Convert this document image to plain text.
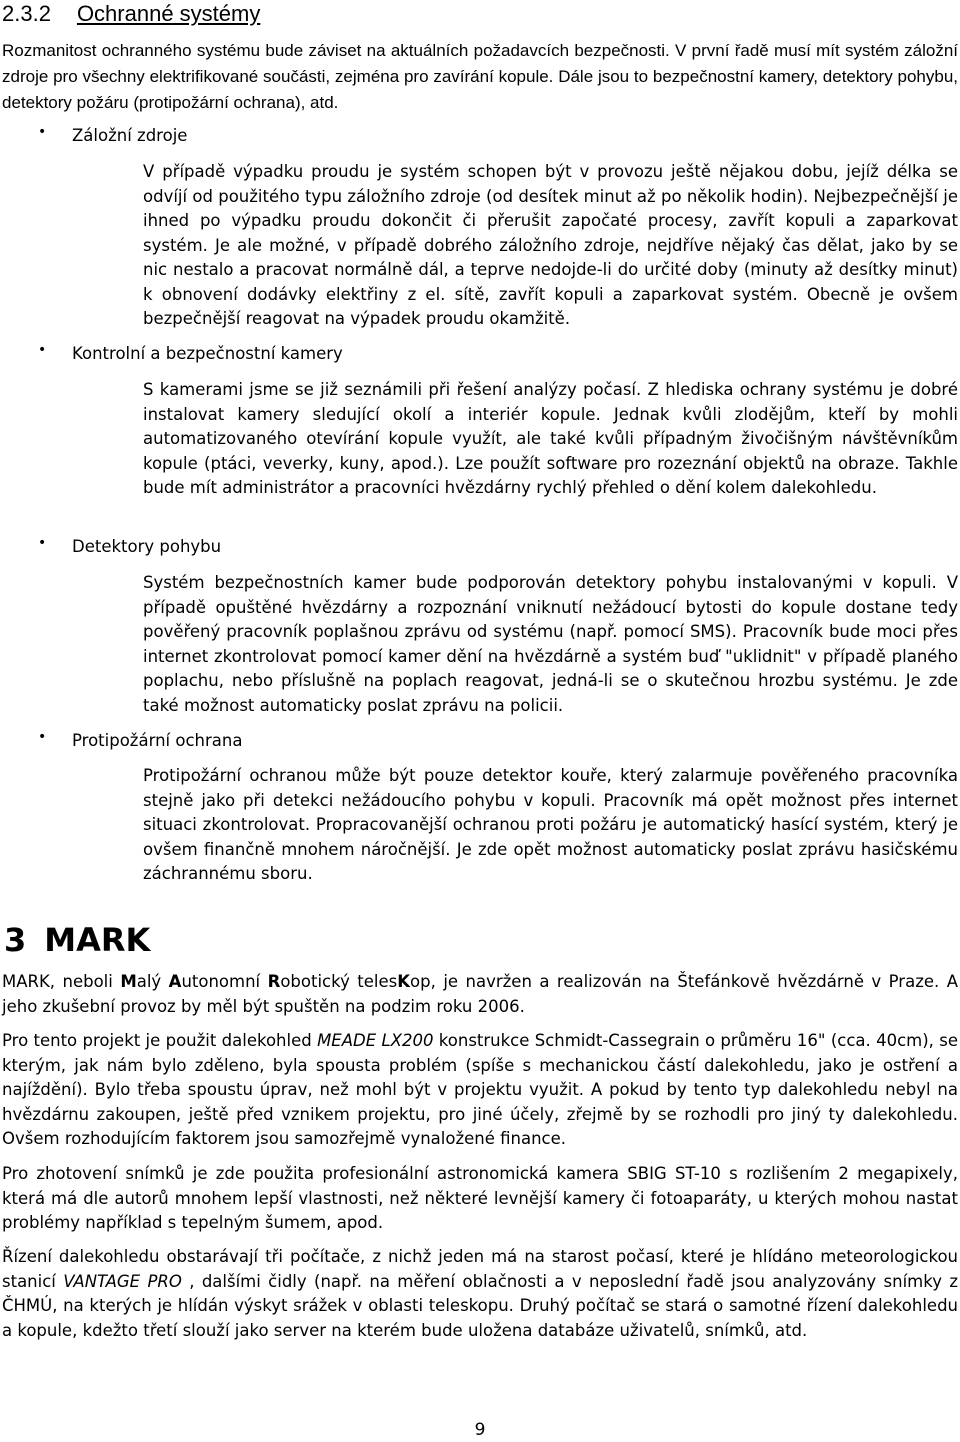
2.3.2 Ochranné systémy
Rozmanitost ochranného systému bude záviset na aktuálních požadavcích bezpečnosti. V první řadě musí mít systém záložní zdroje pro všechny elektrifikované součásti, zejména pro zavírání kopule. Dále jsou to bezpečnostní kamery, detektory pohybu, detektory požáru (protipožární ochrana), atd.
• Záložní zdroje
V případě výpadku proudu je systém schopen být v provozu ještě nějakou dobu, jejíž délka se odvíjí od použitého typu záložního zdroje (od desítek minut až po několik hodin). Nejbezpečnější je ihned po výpadku proudu dokončit či přerušit započaté procesy, zavřít kopuli a zaparkovat systém. Je ale možné, v případě dobrého záložního zdroje, nejdříve nějaký čas dělat, jako by se nic nestalo a pracovat normálně dál, a teprve nedojde-li do určité doby (minuty až desítky minut) k obnovení dodávky elektřiny z el. sítě, zavřít kopuli a zaparkovat systém. Obecně je ovšem bezpečnější reagovat na výpadek proudu okamžitě.
• Kontrolní a bezpečnostní kamery
S kamerami jsme se již seznámili při řešení analýzy počasí. Z hlediska ochrany systému je dobré instalovat kamery sledující okolí a interiér kopule. Jednak kvůli zlodějům, kteří by mohli automatizovaného otevírání kopule využít, ale také kvůli případným živočišným návštěvníkům kopule (ptáci, veverky, kuny, apod.). Lze použít software pro rozeznání objektů na obraze. Takhle bude mít administrátor a pracovníci hvězdárny rychlý přehled o dění kolem dalekohledu.
• Detektory pohybu
Systém bezpečnostních kamer bude podporován detektory pohybu instalovanými v kopuli. V případě opuštěné hvězdárny a rozpoznání vniknutí nežádoucí bytosti do kopule dostane tedy pověřený pracovník poplašnou zprávu od systému (např. pomocí SMS). Pracovník bude moci přes internet zkontrolovat pomocí kamer dění na hvězdárně a systém buď "uklidnit" v případě planého poplachu, nebo příslušně na poplach reagovat, jedná-li se o skutečnou hrozbu systému. Je zde také možnost automaticky poslat zprávu na policii.
• Protipožární ochrana
Protipožární ochranou může být pouze detektor kouře, který zalarmuje pověřeného pracovníka stejně jako při detekci nežádoucího pohybu v kopuli. Pracovník má opět možnost přes internet situaci zkontrolovat. Propracovanější ochranou proti požáru je automatický hasící systém, který je ovšem finančně mnohem náročnější. Je zde opět možnost automaticky poslat zprávu hasičskému záchrannému sboru.
3 MARK
MARK, neboli Malý Autonomní Robotický telesKop, je navržen a realizován na Štefánkově hvězdárně v Praze. A jeho zkušební provoz by měl být spuštěn na podzim roku 2006.
Pro tento projekt je použit dalekohled MEADE LX200 konstrukce Schmidt-Cassegrain o průměru 16" (cca. 40cm), se kterým, jak nám bylo zděleno, byla spousta problém (spíše s mechanickou částí dalekohledu, jako je ostření a najíždění). Bylo třeba spoustu úprav, než mohl být v projektu využit. A pokud by tento typ dalekohledu nebyl na hvězdárnu zakoupen, ještě před vznikem projektu, pro jiné účely, zřejmě by se rozhodli pro jiný ty dalekohledu. Ovšem rozhodujícím faktorem jsou samozřejmě vynaložené finance.
Pro zhotovení snímků je zde použita profesionální astronomická kamera SBIG ST-10 s rozlišením 2 megapixely, která má dle autorů mnohem lepší vlastnosti, než některé levnější kamery či fotoaparáty, u kterých mohou nastat problémy například s tepelným šumem, apod.
Řízení dalekohledu obstarávají tři počítače, z nichž jeden má na starost počasí, které je hlídáno meteorologickou stanicí VANTAGE PRO , dalšími čidly (např. na měření oblačnosti a v neposlední řadě jsou analyzovány snímky z ČHMÚ, na kterých je hlídán výskyt srážek v oblasti teleskopu. Druhý počítač se stará o samotné řízení dalekohledu a kopule, kdežto třetí slouží jako server na kterém bude uložena databáze uživatelů, snímků, atd.
9
